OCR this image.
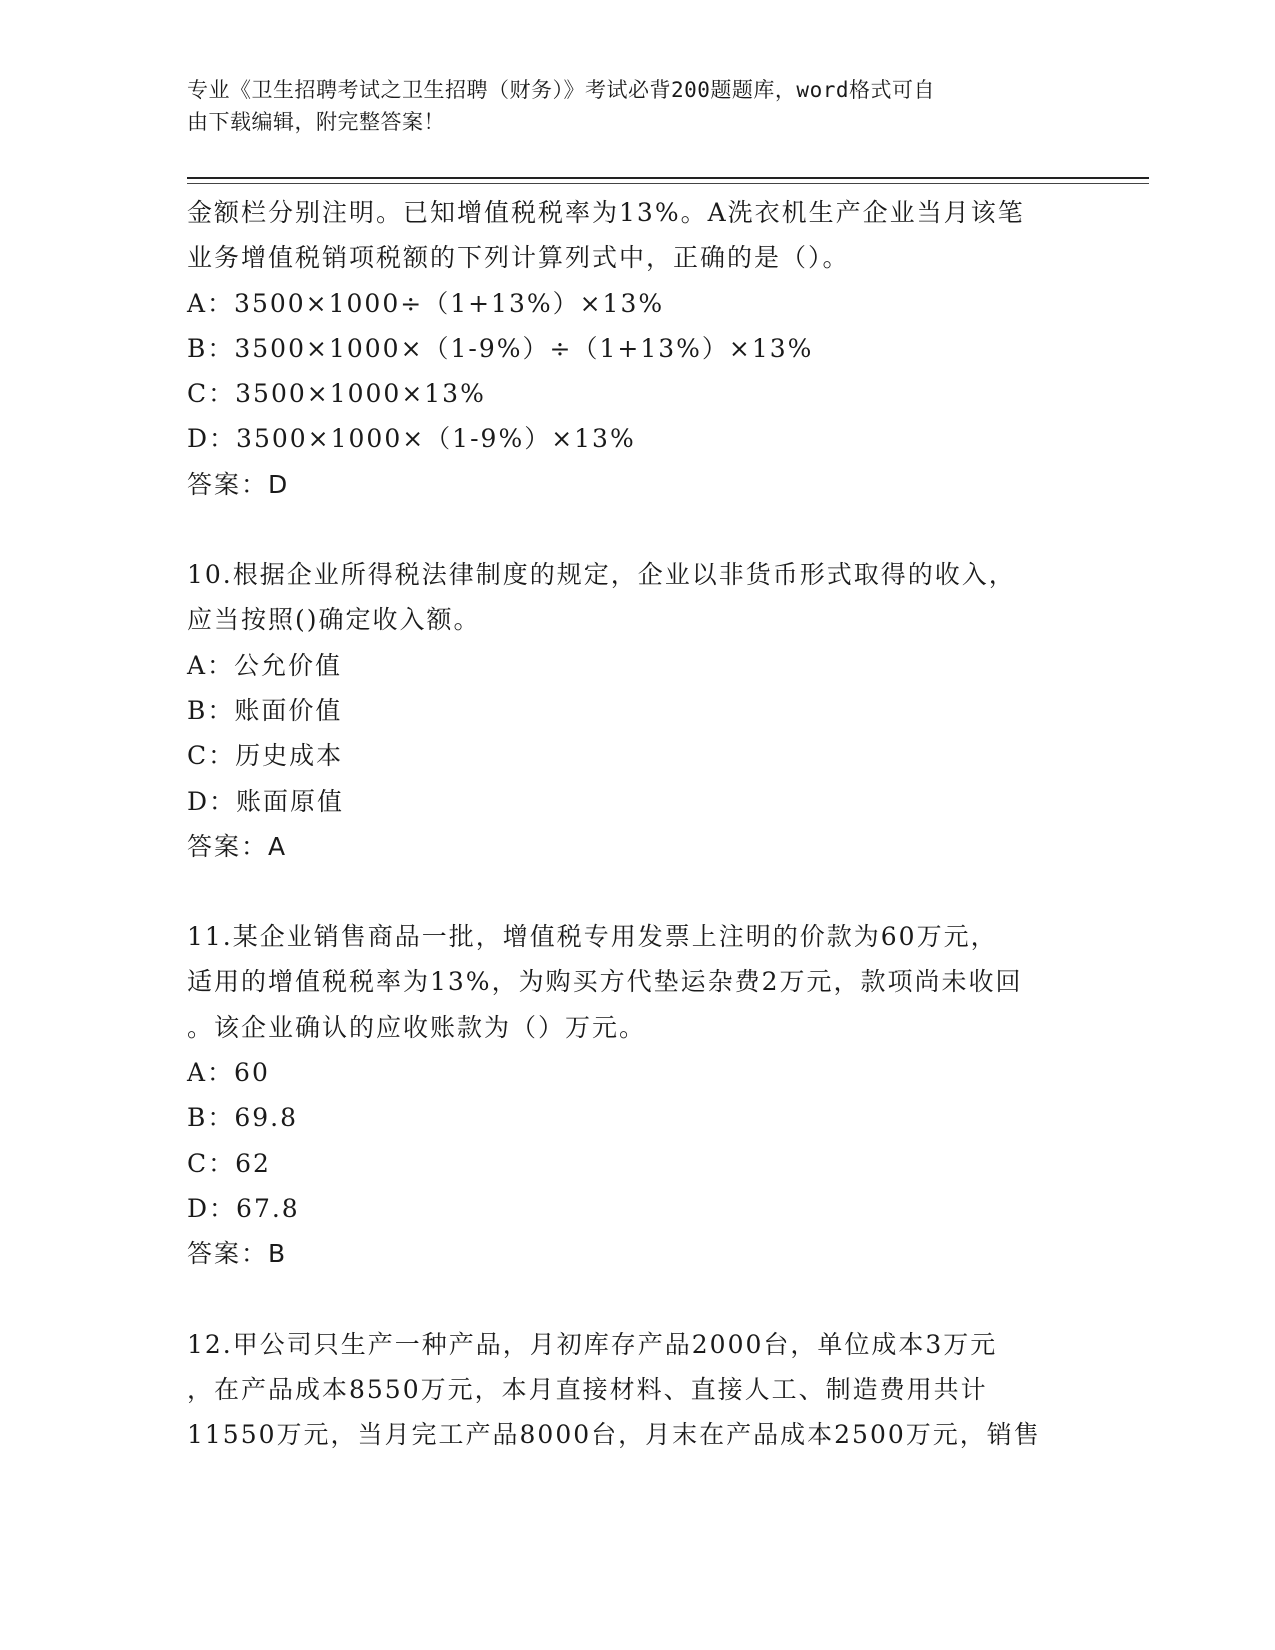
专业《卫生招聘考试之卫生招聘（财务）》考试必背200题题库，word格式可自
由下载编辑，附完整答案！
金额栏分别注明。已知增值税税率为13%。A洗衣机生产企业当月该笔
业务增值税销项税额的下列计算列式中，正确的是（）。
A：3500×1000÷（1+13%）×13%
B：3500×1000×（1-9%）÷（1+13%）×13%
C：3500×1000×13%
D：3500×1000×（1-9%）×13%
答案：D
10.根据企业所得税法律制度的规定，企业以非货币形式取得的收入，
应当按照()确定收入额。
A：公允价值
B：账面价值
C：历史成本
D：账面原值
答案：A
11.某企业销售商品一批，增值税专用发票上注明的价款为60万元，
适用的增值税税率为13%，为购买方代垫运杂费2万元，款项尚未收回
。该企业确认的应收账款为（）万元。
A：60
B：69.8
C：62
D：67.8
答案：B
12.甲公司只生产一种产品，月初库存产品2000台，单位成本3万元
，在产品成本8550万元，本月直接材料、直接人工、制造费用共计
11550万元，当月完工产品8000台，月末在产品成本2500万元，销售
